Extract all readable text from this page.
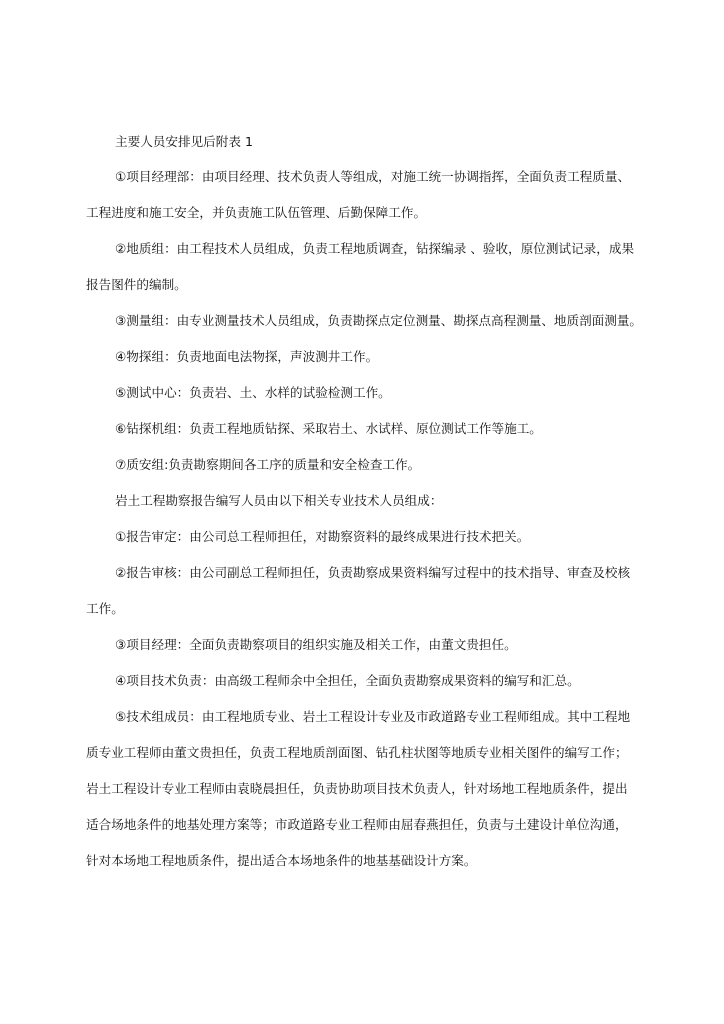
主要人员安排见后附表 1

①项目经理部：由项目经理、技术负责人等组成，对施工统一协调指挥，全面负责工程质量、

工程进度和施工安全，并负责施工队伍管理、后勤保障工作。

②地质组：由工程技术人员组成，负责工程地质调查，钻探编录 、验收，原位测试记录，成果

报告图件的编制。

③测量组：由专业测量技术人员组成，负责勘探点定位测量、勘探点高程测量、地质剖面测量。

④物探组：负责地面电法物探，声波测井工作。

⑤测试中心：负责岩、土、水样的试验检测工作。

⑥钻探机组：负责工程地质钻探、采取岩土、水试样、原位测试工作等施工。

⑦质安组:负责勘察期间各工序的质量和安全检查工作。

岩土工程勘察报告编写人员由以下相关专业技术人员组成：

①报告审定：由公司总工程师担任，对勘察资料的最终成果进行技术把关。

②报告审核：由公司副总工程师担任，负责勘察成果资料编写过程中的技术指导、审查及校核

工作。

③项目经理：全面负责勘察项目的组织实施及相关工作，由董文贵担任。

④项目技术负责：由高级工程师余中全担任，全面负责勘察成果资料的编写和汇总。

⑤技术组成员：由工程地质专业、岩土工程设计专业及市政道路专业工程师组成。其中工程地

质专业工程师由董文贵担任，负责工程地质剖面图、钻孔柱状图等地质专业相关图件的编写工作；

岩土工程设计专业工程师由袁晓晨担任，负责协助项目技术负责人，针对场地工程地质条件，提出

适合场地条件的地基处理方案等；市政道路专业工程师由屈春燕担任，负责与土建设计单位沟通，

针对本场地工程地质条件，提出适合本场地条件的地基基础设计方案。
